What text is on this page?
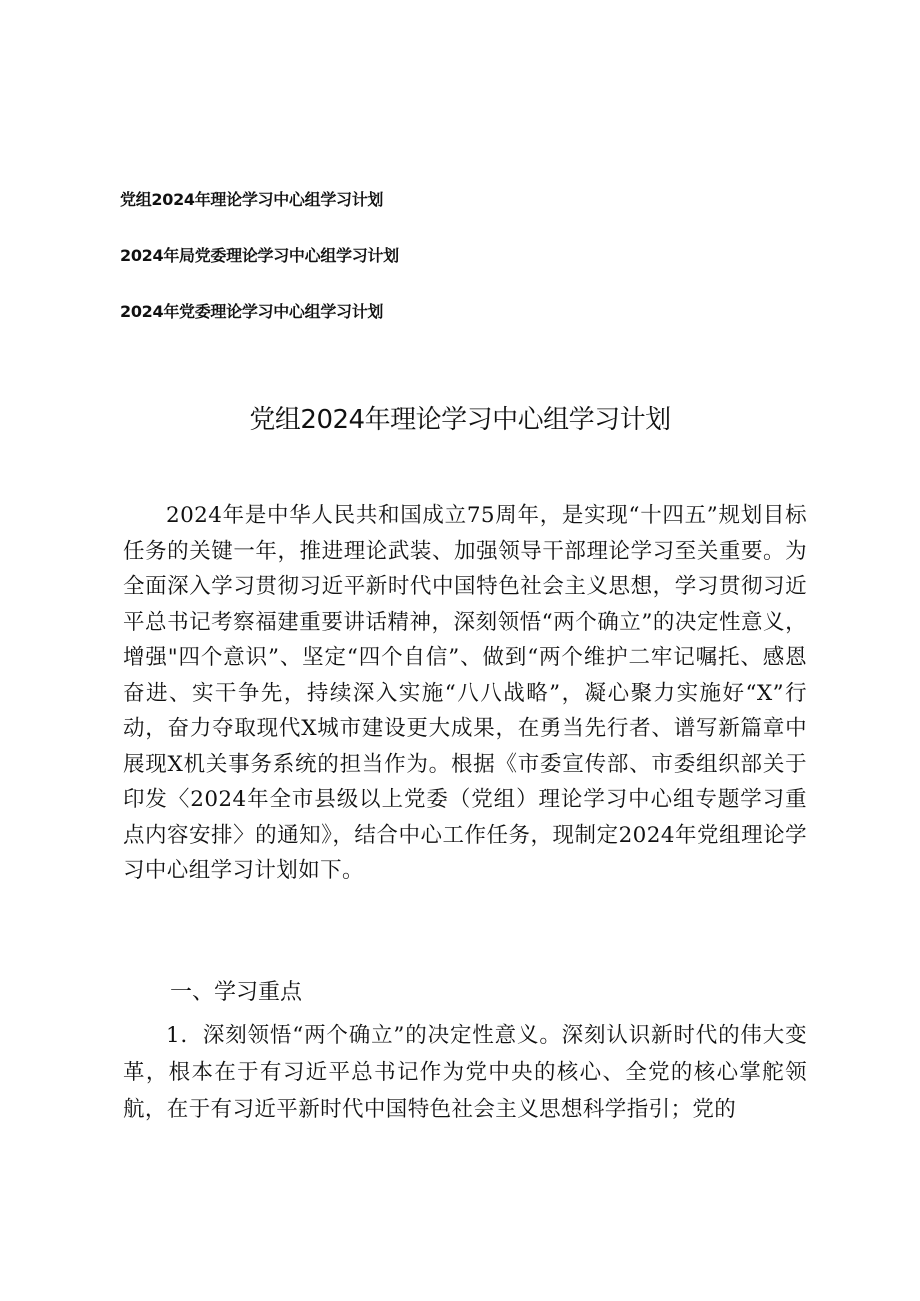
党组2024年理论学习中心组学习计划
2024年局党委理论学习中心组学习计划
2024年党委理论学习中心组学习计划
党组2024年理论学习中心组学习计划

2024年是中华人民共和国成立75周年，是实现“十四五”规划目标任务的关键一年，推进理论武装、加强领导干部理论学习至关重要。为全面深入学习贯彻习近平新时代中国特色社会主义思想，学习贯彻习近平总书记考察福建重要讲话精神，深刻领悟“两个确立”的决定性意义，增强"四个意识”、坚定“四个自信”、做到“两个维护二牢记嘱托、感恩奋进、实干争先，持续深入实施“八八战略”，凝心聚力实施好“X”行动，奋力夺取现代X城市建设更大成果，在勇当先行者、谱写新篇章中展现X机关事务系统的担当作为。根据《市委宣传部、市委组织部关于印发〈2024年全市县级以上党委（党组）理论学习中心组专题学习重点内容安排〉的通知》，结合中心工作任务，现制定2024年党组理论学习中心组学习计划如下。

一、学习重点

1．深刻领悟“两个确立”的决定性意义。深刻认识新时代的伟大变革，根本在于有习近平总书记作为党中央的核心、全党的核心掌舵领航，在于有习近平新时代中国特色社会主义思想科学指引；党的
